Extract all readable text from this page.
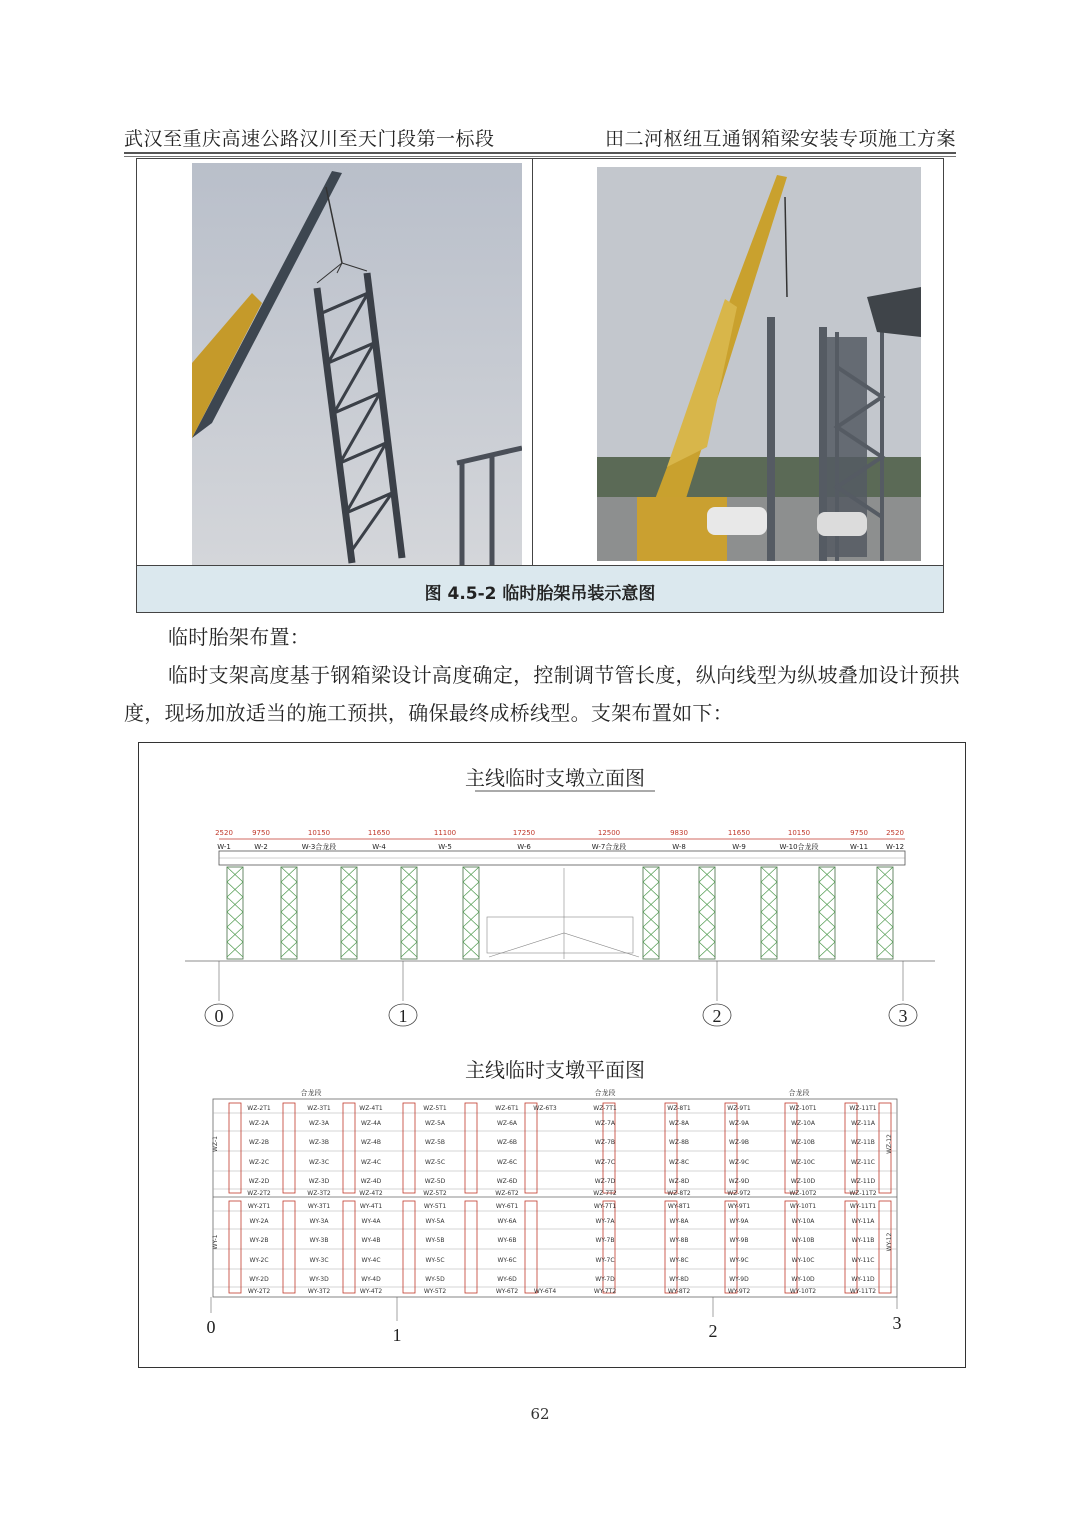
武汉至重庆高速公路汉川至天门段第一标段	田二河枢纽互通钢箱梁安装专项施工方案
图 4.5-2 临时胎架吊装示意图
临时胎架布置：
临时支架高度基于钢箱梁设计高度确定，控制调节管长度，纵向线型为纵坡叠加设计预拱度，现场加放适当的施工预拱，确保最终成桥线型。支架布置如下：
主线临时支墩立面图
2520	9750	10150	11650	11100	17250	12500	9830	11650	10150	9750	2520
W-1	W-2	W-3合龙段	W-4	W-5	W-6	W-7合龙段	W-8	W-9	W-10合龙段	W-11	W-12
0	1	2	3
主线临时支墩平面图
合龙段	合龙段	合龙段
WZ-2T1	WZ-3T1	WZ-4T1	WZ-5T1	WZ-6T1 WZ-6T3	WZ-7T1	WZ-8T1	WZ-9T1	WZ-10T1	WZ-11T1
WZ-2A	WZ-3A	WZ-4A	WZ-5A	WZ-6A	WZ-7A	WZ-8A	WZ-9A	WZ-10A	WZ-11A
WZ-2B	WZ-3B	WZ-4B	WZ-5B	WZ-6B	WZ-7B	WZ-8B	WZ-9B	WZ-10B	WZ-11B
WZ-2C	WZ-3C	WZ-4C	WZ-5C	WZ-6C	WZ-7C	WZ-8C	WZ-9C	WZ-10C	WZ-11C
WZ-2D	WZ-3D	WZ-4D	WZ-5D	WZ-6D	WZ-7D	WZ-8D	WZ-9D	WZ-10D	WZ-11D
WZ-2T2	WZ-3T2	WZ-4T2	WZ-5T2	WZ-6T2	WZ-7T2	WZ-8T2	WZ-9T2	WZ-10T2	WZ-11T2
WY-2T1	WY-3T1	WY-4T1	WY-5T1	WY-6T1	WY-7T1	WY-8T1	WY-9T1	WY-10T1	WY-11T1
WY-2A	WY-3A	WY-4A	WY-5A	WY-6A	WY-7A	WY-8A	WY-9A	WY-10A	WY-11A
WY-2B	WY-3B	WY-4B	WY-5B	WY-6B	WY-7B	WY-8B	WY-9B	WY-10B	WY-11B
WY-2C	WY-3C	WY-4C	WY-5C	WY-6C	WY-7C	WY-8C	WY-9C	WY-10C	WY-11C
WY-2D	WY-3D	WY-4D	WY-5D	WY-6D	WY-7D	WY-8D	WY-9D	WY-10D	WY-11D
WY-2T2	WY-3T2	WY-4T2	WY-5T2	WY-6T2	WY-6T4	WY-7T2	WY-8T2	WY-9T2	WY-10T2	WY-11T2
WZ-1	WZ-12
WY-1	WY-12
0	1	2	3
62
